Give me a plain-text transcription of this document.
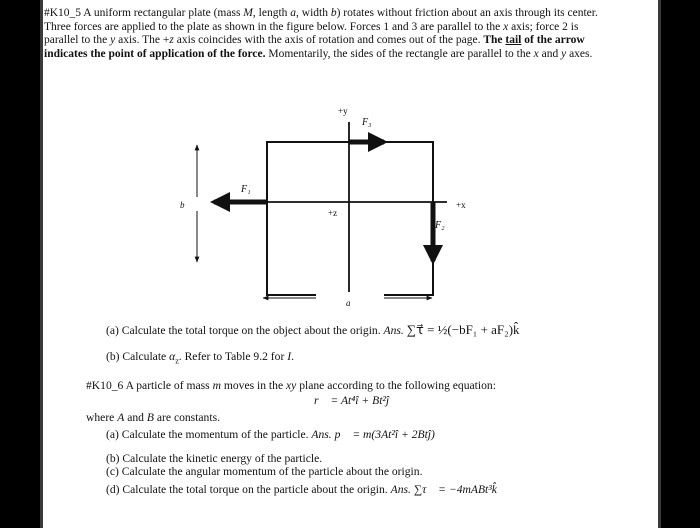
#K10_5 A uniform rectangular plate (mass M, length a, width b) rotates without friction about an axis through its center. Three forces are applied to the plate as shown in the figure below. Forces 1 and 3 are parallel to the x axis; force 2 is parallel to the y axis. The +z axis coincides with the axis of rotation and comes out of the page. The tail of the arrow indicates the point of application of the force. Momentarily, the sides of the rectangle are parallel to the x and y axes.
+y
+x
+z
b
a
F₁
F₂
F₃
(a) Calculate the total torque on the object about the origin. Ans. ∑τ⃗ = ½(−bF₁ + aF₂)k̂
(b) Calculate $\alpha_z$. Refer to Table 9.2 for I.
#K10_6 A particle of mass m moves in the xy plane according to the following equation:
r⃗ = At⁴î + Bt²ĵ
where A and B are constants.
(a) Calculate the momentum of the particle. Ans. p⃗ = m(3At²î + 2Btĵ)
(b) Calculate the kinetic energy of the particle.
(c) Calculate the angular momentum of the particle about the origin.
(d) Calculate the total torque on the particle about the origin. Ans. ∑τ⃗ = −4mABt³k̂
